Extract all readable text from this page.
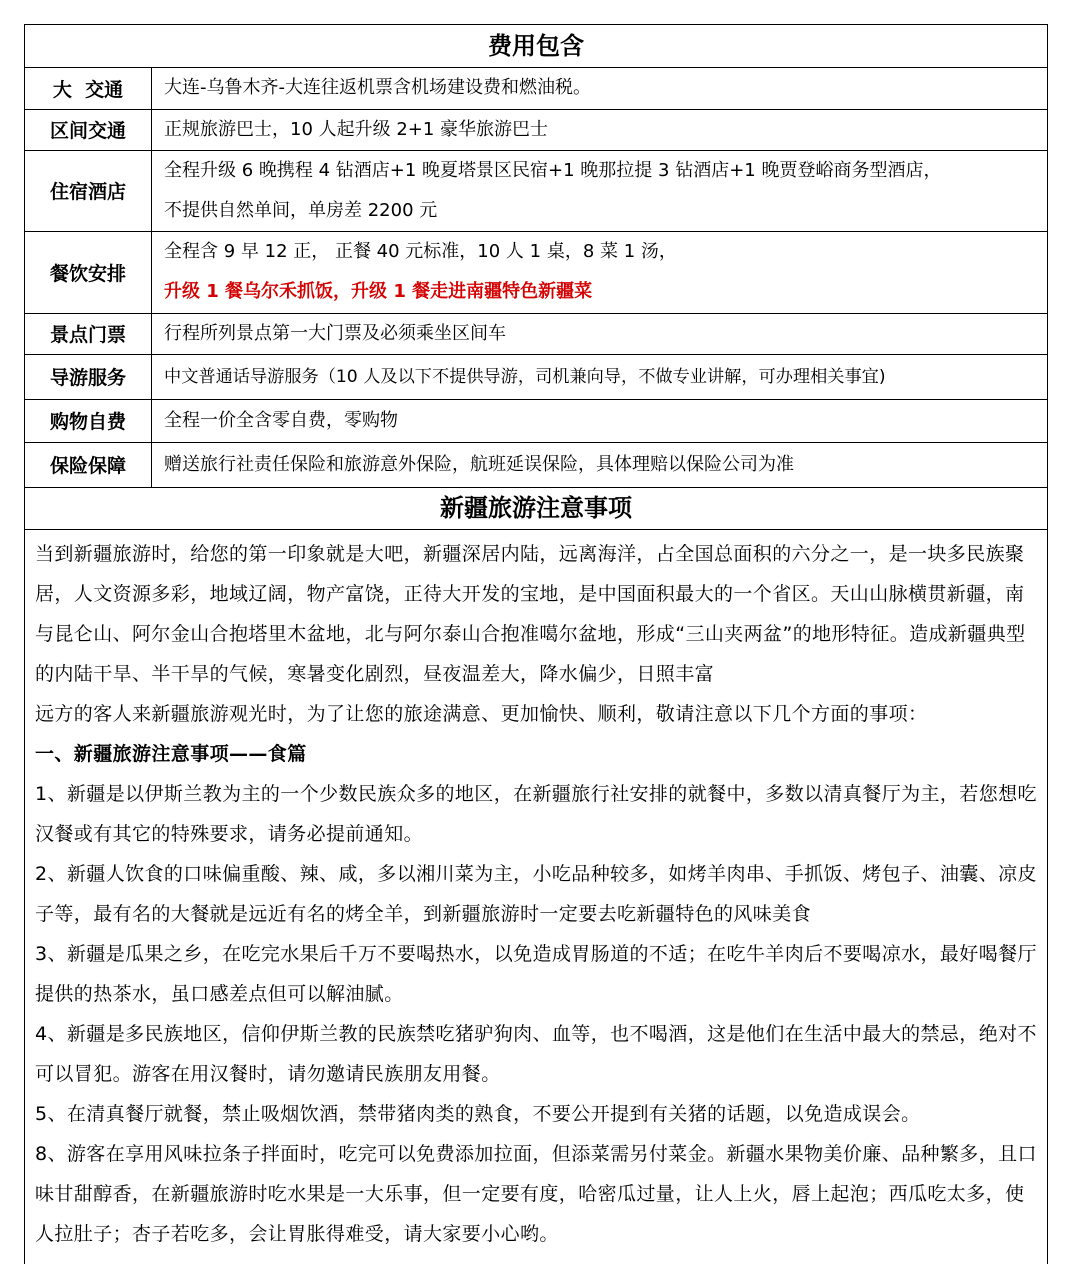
费用包含
大  交通	大连-乌鲁木齐-大连往返机票含机场建设费和燃油税。
区间交通	正规旅游巴士，10 人起升级 2+1 豪华旅游巴士
住宿酒店	全程升级 6 晚携程 4 钻酒店+1 晚夏塔景区民宿+1 晚那拉提 3 钻酒店+1 晚贾登峪商务型酒店，
不提供自然单间，单房差 2200 元

餐饮安排	全程含 9 早 12 正， 正餐 40 元标准，10 人 1 桌，8 菜 1 汤，
升级 1 餐乌尔禾抓饭，升级 1 餐走进南疆特色新疆菜

景点门票	行程所列景点第一大门票及必须乘坐区间车
导游服务	中文普通话导游服务（10 人及以下不提供导游，司机兼向导，不做专业讲解，可办理相关事宜)
购物自费	全程一价全含零自费，零购物
保险保障	赠送旅行社责任保险和旅游意外保险，航班延误保险，具体理赔以保险公司为准
新疆旅游注意事项

当到新疆旅游时，给您的第一印象就是大吧，新疆深居内陆，远离海洋，占全国总面积的六分之一，是一块多民族聚居，人文资源多彩，地域辽阔，物产富饶，正待大开发的宝地，是中国面积最大的一个省区。天山山脉横贯新疆，南与昆仑山、阿尔金山合抱塔里木盆地，北与阿尔泰山合抱准噶尔盆地，形成“三山夹两盆”的地形特征。造成新疆典型的内陆干旱、半干旱的气候，寒暑变化剧烈，昼夜温差大，降水偏少，日照丰富

远方的客人来新疆旅游观光时，为了让您的旅途满意、更加愉快、顺利，敬请注意以下几个方面的事项：

一、新疆旅游注意事项——食篇

1、新疆是以伊斯兰教为主的一个少数民族众多的地区，在新疆旅行社安排的就餐中，多数以清真餐厅为主，若您想吃汉餐或有其它的特殊要求，请务必提前通知。

2、新疆人饮食的口味偏重酸、辣、咸，多以湘川菜为主，小吃品种较多，如烤羊肉串、手抓饭、烤包子、油囊、凉皮子等，最有名的大餐就是远近有名的烤全羊，到新疆旅游时一定要去吃新疆特色的风味美食

3、新疆是瓜果之乡，在吃完水果后千万不要喝热水，以免造成胃肠道的不适；在吃牛羊肉后不要喝凉水，最好喝餐厅提供的热茶水，虽口感差点但可以解油腻。

4、新疆是多民族地区，信仰伊斯兰教的民族禁吃猪驴狗肉、血等，也不喝酒，这是他们在生活中最大的禁忌，绝对不可以冒犯。游客在用汉餐时，请勿邀请民族朋友用餐。

5、在清真餐厅就餐，禁止吸烟饮酒，禁带猪肉类的熟食，不要公开提到有关猪的话题，以免造成误会。

8、游客在享用风味拉条子拌面时，吃完可以免费添加拉面，但添菜需另付菜金。新疆水果物美价廉、品种繁多，且口味甘甜醇香，在新疆旅游时吃水果是一大乐事，但一定要有度，哈密瓜过量，让人上火，唇上起泡；西瓜吃太多，使人拉肚子；杏子若吃多，会让胃胀得难受，请大家要小心哟。
